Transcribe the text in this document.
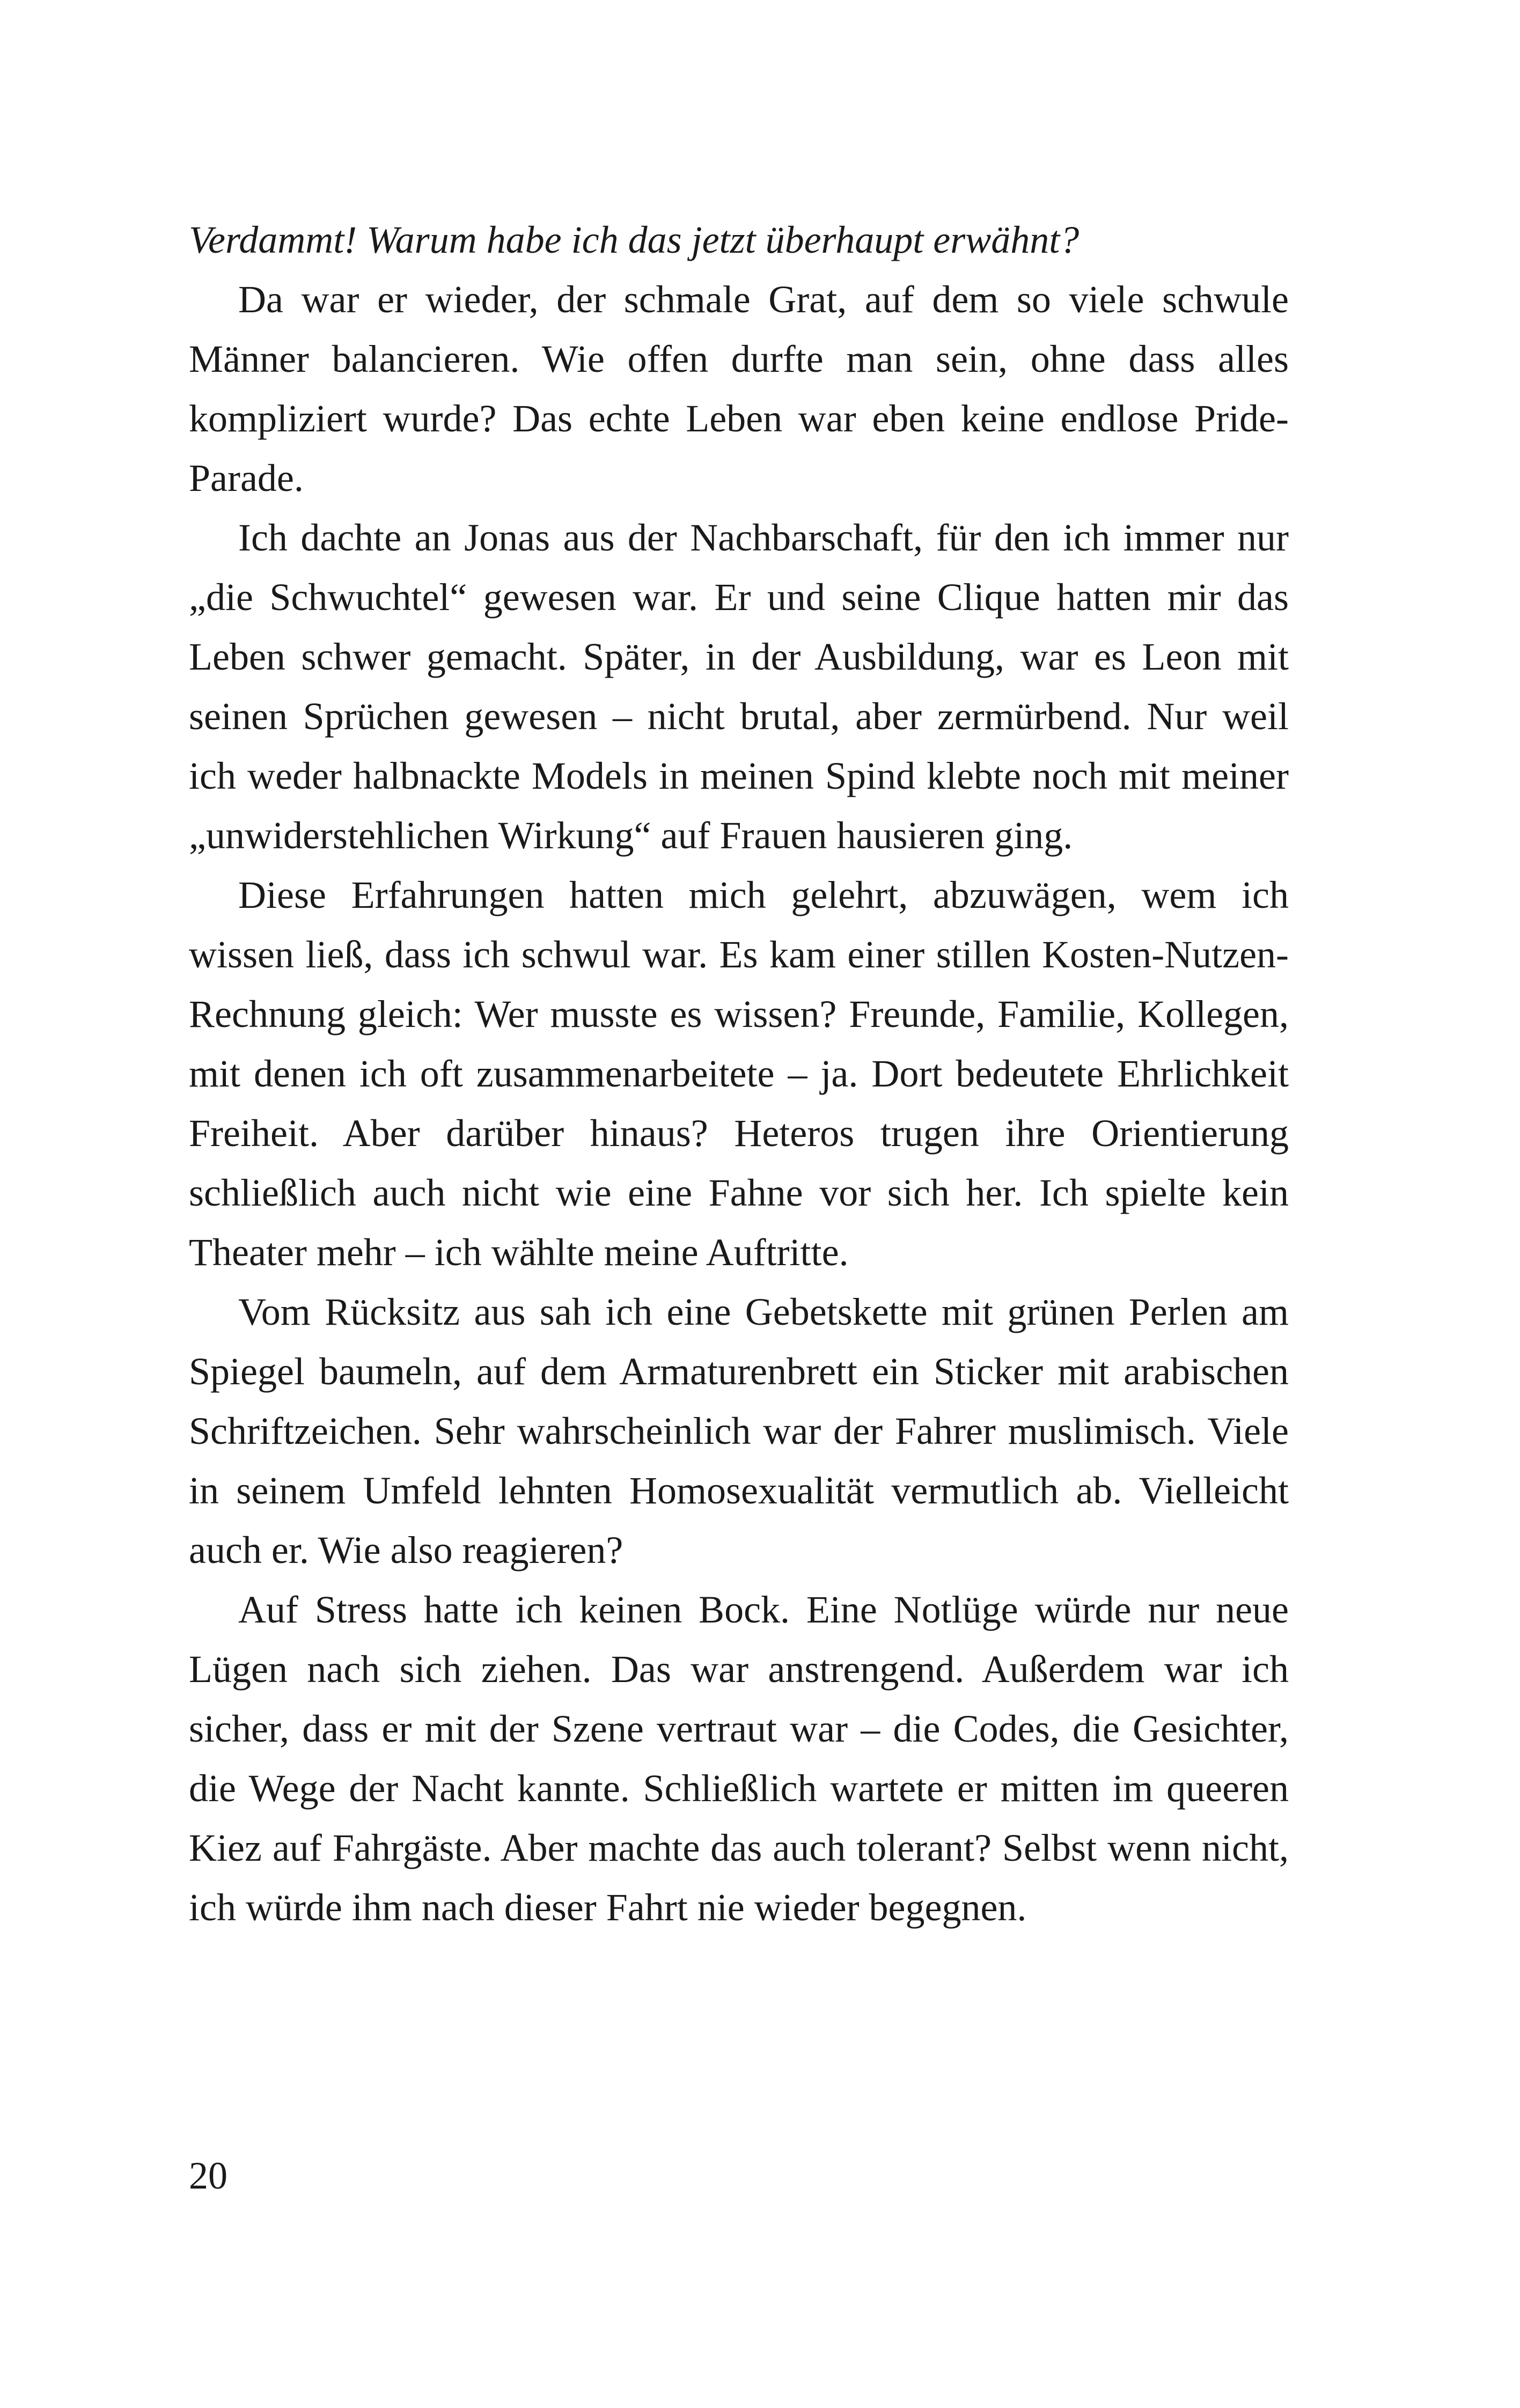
Verdammt! Warum habe ich das jetzt überhaupt erwähnt?

Da war er wieder, der schmale Grat, auf dem so viele schwule Männer balancieren. Wie offen durfte man sein, ohne dass alles kompliziert wurde? Das echte Leben war eben keine endlose Pride-Parade.

Ich dachte an Jonas aus der Nachbarschaft, für den ich immer nur „die Schwuchtel“ gewesen war. Er und seine Clique hatten mir das Leben schwer gemacht. Später, in der Ausbildung, war es Leon mit seinen Sprüchen gewesen – nicht brutal, aber zermürbend. Nur weil ich weder halbnackte Models in meinen Spind klebte noch mit meiner „unwiderstehlichen Wirkung“ auf Frauen hausieren ging.

Diese Erfahrungen hatten mich gelehrt, abzuwägen, wem ich wissen ließ, dass ich schwul war. Es kam einer stillen Kosten-Nutzen-Rechnung gleich: Wer musste es wissen? Freunde, Familie, Kollegen, mit denen ich oft zusammenarbeitete – ja. Dort bedeutete Ehrlichkeit Freiheit. Aber darüber hinaus? Heteros trugen ihre Orientierung schließlich auch nicht wie eine Fahne vor sich her. Ich spielte kein Theater mehr – ich wählte meine Auftritte.

Vom Rücksitz aus sah ich eine Gebetskette mit grünen Perlen am Spiegel baumeln, auf dem Armaturenbrett ein Sticker mit arabischen Schriftzeichen. Sehr wahrscheinlich war der Fahrer muslimisch. Viele in seinem Umfeld lehnten Homosexualität vermutlich ab. Vielleicht auch er. Wie also reagieren?

Auf Stress hatte ich keinen Bock. Eine Notlüge würde nur neue Lügen nach sich ziehen. Das war anstrengend. Außerdem war ich sicher, dass er mit der Szene vertraut war – die Codes, die Gesichter, die Wege der Nacht kannte. Schließlich wartete er mitten im queeren Kiez auf Fahrgäste. Aber machte das auch tolerant? Selbst wenn nicht, ich würde ihm nach dieser Fahrt nie wieder begegnen.

20
